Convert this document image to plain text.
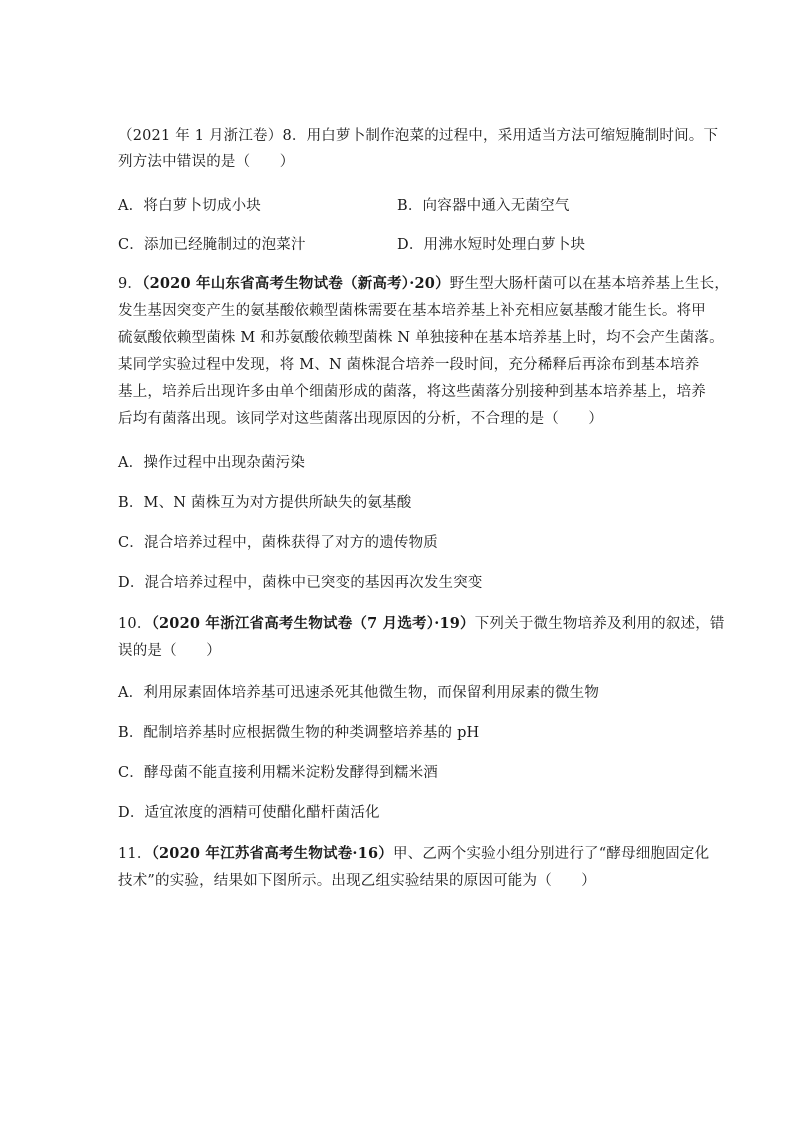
（2021 年 1 月浙江卷）8．用白萝卜制作泡菜的过程中，采用适当方法可缩短腌制时间。下
列方法中错误的是（　　）
A．将白萝卜切成小块	B．向容器中通入无菌空气
C．添加已经腌制过的泡菜汁	D．用沸水短时处理白萝卜块
9．（2020 年山东省高考生物试卷（新高考）·20）野生型大肠杆菌可以在基本培养基上生长，
发生基因突变产生的氨基酸依赖型菌株需要在基本培养基上补充相应氨基酸才能生长。将甲
硫氨酸依赖型菌株 M 和苏氨酸依赖型菌株 N 单独接种在基本培养基上时，均不会产生菌落。
某同学实验过程中发现，将 M、N 菌株混合培养一段时间，充分稀释后再涂布到基本培养
基上，培养后出现许多由单个细菌形成的菌落，将这些菌落分别接种到基本培养基上，培养
后均有菌落出现。该同学对这些菌落出现原因的分析，不合理的是（　　）
A．操作过程中出现杂菌污染
B．M、N 菌株互为对方提供所缺失的氨基酸
C．混合培养过程中，菌株获得了对方的遗传物质
D．混合培养过程中，菌株中已突变的基因再次发生突变
10．（2020 年浙江省高考生物试卷（7 月选考）·19）下列关于微生物培养及利用的叙述，错
误的是（　　）
A．利用尿素固体培养基可迅速杀死其他微生物，而保留利用尿素的微生物
B．配制培养基时应根据微生物的种类调整培养基的 pH
C．酵母菌不能直接利用糯米淀粉发酵得到糯米酒
D．适宜浓度的酒精可使醋化醋杆菌活化
11．（2020 年江苏省高考生物试卷·16）甲、乙两个实验小组分别进行了“酵母细胞固定化
技术”的实验，结果如下图所示。出现乙组实验结果的原因可能为（　　）
